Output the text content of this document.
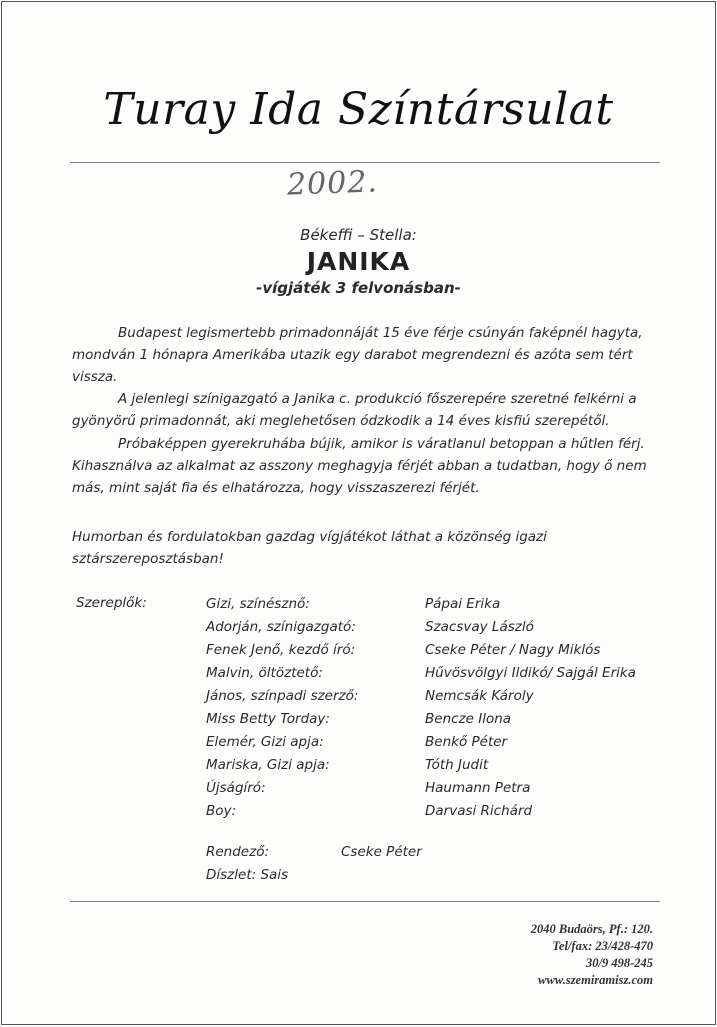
Turay Ida Színtársulat
2002.
Békeffi – Stella:
JANIKA
-vígjáték 3 felvonásban-
Budapest legismertebb primadonnáját 15 éve férje csúnyán faképnél hagyta, mondván 1 hónapra Amerikába utazik egy darabot megrendezni és azóta sem tért vissza.
A jelenlegi színigazgató a Janika c. produkció főszerepére szeretné felkérni a gyönyörű primadonnát, aki meglehetősen ódzkodik a 14 éves kisfiú szerepétől.
Próbaképpen gyerekruhába bújik, amikor is váratlanul betoppan a hűtlen férj. Kihasználva az alkalmat az asszony meghagyja férjét abban a tudatban, hogy ő nem más, mint saját fia és elhatározza, hogy visszaszerezi férjét.
Humorban és fordulatokban gazdag vígjátékot láthat a közönség igazi sztárszereposztásban!
Szereplők:	Gizi, színésznő:	Pápai Erika
Adorján, színigazgató:	Szacsvay László
Fenek Jenő, kezdő író:	Cseke Péter / Nagy Miklós
Malvin, öltöztető:	Hűvösvölgyi Ildikó/ Sajgál Erika
János, színpadi szerző:	Nemcsák Károly
Miss Betty Torday:	Bencze Ilona
Elemér, Gizi apja:	Benkő Péter
Mariska, Gizi apja:	Tóth Judit
Újságíró:	Haumann Petra
Boy:	Darvasi Richárd
Rendező:	Cseke Péter
Díszlet: Sais
2040 Budaörs, Pf.: 120.
Tel/fax: 23/428-470
30/9 498-245
www.szemiramisz.com
